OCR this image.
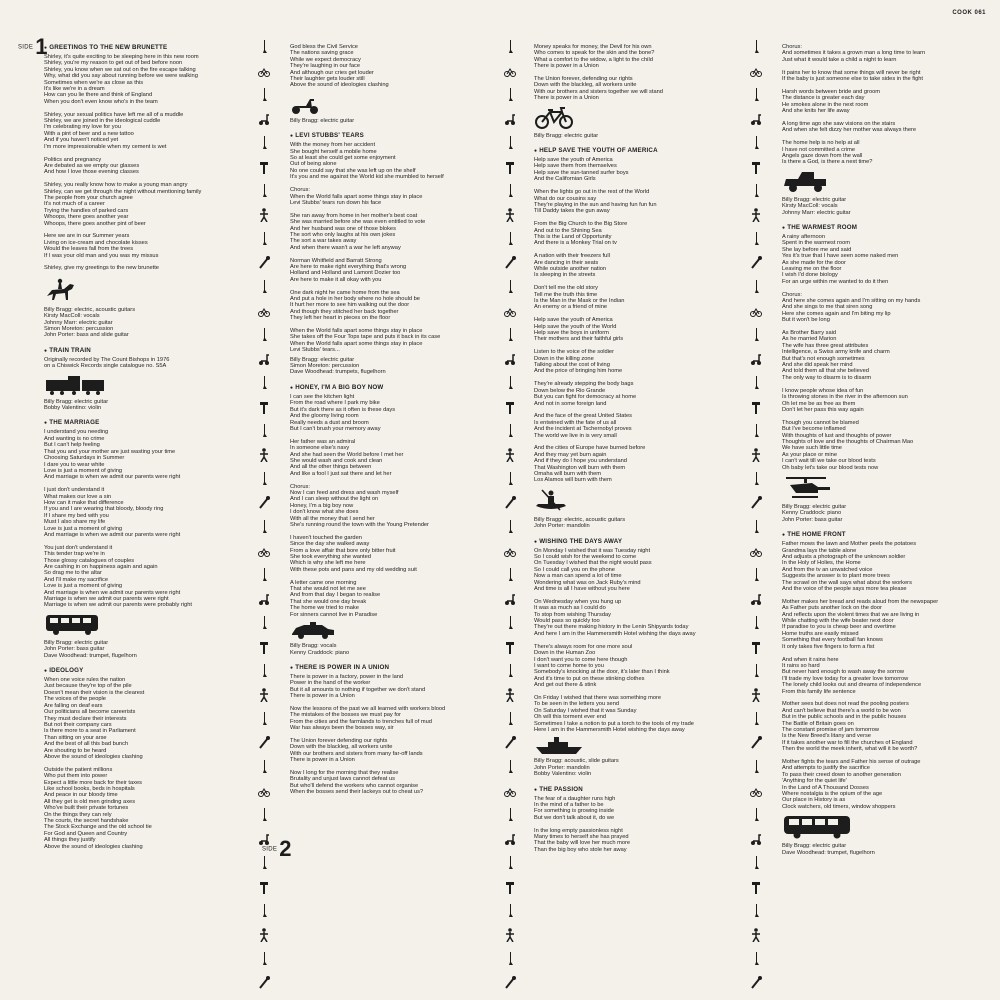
COOK 061
SIDE 1
SIDE 2
● GREETINGS TO THE NEW BRUNETTE
Shirley, it's quite exciting to be sleeping here in this new room
Shirley, you're my reason to get out of bed before noon
Shirley, you know when we sat out on the fire escape talking
Why, what did you say about running before we were walking
Sometimes when we're as close as this
It's like we're in a dream
How can you lie there and think of England
When you don't even know who's in the team

Shirley, your sexual politics have left me all of a muddle
Shirley, we are joined in the ideological cuddle
I'm celebrating my love for you
With a pint of beer and a new tattoo
And if you haven't noticed yet
I'm more impressionable when my cement is wet

Politics and pregnancy
Are debated as we empty our glasses
And how I love those evening classes

Shirley, you really know how to make a young man angry
Shirley, can we get through the night without mentioning family
The people from your church agree
It's not much of a career
Trying the handles of parked cars
Whoops, there goes another year
Whoops, there goes another pint of beer

Here we are in our Summer years
Living on ice-cream and chocolate kisses
Would the leaves fall from the trees
If I was your old man and you was my missus

Shirley, give my greetings to the new brunette
Billy Bragg: electric, acoustic guitars
Kirsty MacColl: vocals
Johnny Marr: electric guitar
Simon Moreton: percussion
John Porter: bass and slide guitar
● TRAIN TRAIN
Originally recorded by The Count Bishops in 1976
on a Chiswick Records single catalogue no. S5A
Billy Bragg: electric guitar
Bobby Valentino: violin
● THE MARRIAGE
I understand you needing
And wanting is no crime
But I can't help feeling
That you and your mother are just wasting your time
Choosing Saturdays in Summer
I dare you to wear white
Love is just a moment of giving
And marriage is when we admit our parents were right

I just don't understand it
What makes our love a sin
How can it make that difference
If you and I are wearing that bloody, bloody ring
If I share my bed with you
Must I also share my life
Love is just a moment of giving
And marriage is when we admit our parents were right

You just don't understand it
This tender trap we're in
Those glossy catalogues of couples
Are cashing in on happiness again and again
So drag me to the altar
And I'll make my sacrifice
Love is just a moment of giving
And marriage is when we admit our parents were right
Marriage is when we admit our parents were right
Marriage is when we admit our parents were probably right
Billy Bragg: electric guitar
John Porter: bass guitar
Dave Woodhead: trumpet, flugelhorn
● IDEOLOGY
When one voice rules the nation
Just because they're top of the pile
Doesn't mean their vision is the clearest
The voices of the people
Are falling on deaf ears
Our politicians all become careerists
They must declare their interests
But not their company cars
Is there more to a seat in Parliament
Than sitting on your arse
And the best of all this bad bunch
Are shouting to be heard
Above the sound of ideologies clashing

Outside the patient millions
Who put them into power
Expect a little more back for their taxes
Like school books, beds in hospitals
And peace in our bloody time
All they get is old men grinding axes
Who've built their private fortunes
On the things they can rely
The courts, the secret handshake
The Stock Exchange and the old school tie
For God and Queen and Country
All things they justify
Above the sound of ideologies clashing
God bless the Civil Service
The nations saving grace
While we expect democracy
They're laughing in our face
And although our cries get louder
Their laughter gets louder still
Above the sound of ideologies clashing
Billy Bragg: electric guitar
● LEVI STUBBS' TEARS
With the money from her accident
She bought herself a mobile home
So at least she could get some enjoyment
Out of being alone
No one could say that she was left up on the shelf
It's you and me against the World kid she mumbled to herself

Chorus:
When the World falls apart some things stay in place
Levi Stubbs' tears run down his face

She ran away from home in her mother's best coat
She was married before she was even entitled to vote
And her husband was one of those blokes
The sort who only laughs at his own jokes
The sort a war takes away
And when there wasn't a war he left anyway

Norman Whitfield and Barratt Strong
Are here to make right everything that's wrong
Holland and Holland and Lamont Dozier too
Are here to make it all okay with you

One dark night he came home from the sea
And put a hole in her body where no hole should be
It hurt her more to see him walking out the door
And though they stitched her back together
They left her heart in pieces on the floor

When the World falls apart some things stay in place
She takes off the Four Tops tape and puts it back in its case
When the World falls apart some things stay in place
Levi Stubbs' tears...
Billy Bragg: electric guitar
Simon Moreton: percussion
Dave Woodhead: trumpets, flugelhorn
● HONEY, I'M A BIG BOY NOW
I can see the kitchen light
From the road where I park my bike
But it's dark there as it often is these days
And the gloomy living room
Really needs a dust and broom
But I can't brush your memory away

Her father was an admiral
In someone else's navy
And she had seen the World before I met her
She would wash and cook and clean
And all the other things between
And like a fool I just sat there and let her

Chorus:
Now I can feed and dress and wash myself
And I can sleep without the light on
Honey, I'm a big boy now
I don't know what she does
With all the money that I send her
She's running round the town with the Young Pretender

I haven't touched the garden
Since the day she walked away
From a love affair that bore only bitter fruit
She took everything she wanted
Which is why she left me here
With these pots and pans and my old wedding suit

A letter came one morning
That she would not let me see
And from that day I began to realise
That she would one day break
The home we tried to make
For sinners cannot live in Paradise
Billy Bragg: vocals
Kenny Craddock: piano
● THERE IS POWER IN A UNION
There is power in a factory, power in the land
Power in the hand of the worker
But it all amounts to nothing if together we don't stand
There is power in a Union

Now the lessons of the past we all learned with workers blood
The mistakes of the bosses we must pay for
From the cities and the farmlands to trenches full of mud
War has always been the bosses way, sir

The Union forever defending our rights
Down with the blackleg, all workers unite
With our brothers and sisters from many far-off lands
There is power in a Union

Now I long for the morning that they realise
Brutality and unjust laws cannot defeat us
But who'll defend the workers who cannot organise
When the bosses send their lackeys out to cheat us?
Money speaks for money, the Devil for his own
Who comes to speak for the skin and the bone?
What a comfort to the widow, a light to the child
There is power in a Union

The Union forever, defending our rights
Down with the blackleg, all workers unite
With our brothers and sisters together we will stand
There is power in a Union
Billy Bragg: electric guitar
● HELP SAVE THE YOUTH OF AMERICA
Help save the youth of America
Help save them from themselves
Help save the sun-tanned surfer boys
And the Californian Girls

When the lights go out in the rest of the World
What do our cousins say
They're playing in the sun and having fun fun fun
Till Daddy takes the gun away

From the Big Church to the Big Store
And out to the Shining Sea
This is the Land of Opportunity
And there is a Monkey Trial on tv

A nation with their freezers full
Are dancing in their seats
While outside another nation
Is sleeping in the streets

Don't tell me the old story
Tell me the truth this time
Is the Man in the Mask or the Indian
An enemy or a friend of mine

Help save the youth of America
Help save the youth of the World
Help save the boys in uniform
Their mothers and their faithful girls

Listen to the voice of the soldier
Down in the killing zone
Talking about the cost of living
And the price of bringing him home

They're already stepping the body bags
Down below the Rio Grande
But you can fight for democracy at home
And not in some foreign land

And the face of the great United States
Is entwined with the fate of us all
And the incident at Tschernobyl proves
The world we live in is very small

And the cities of Europe have burned before
And they may yet burn again
And if they do I hope you understand
That Washington will burn with them
Omaha will burn with them
Los Alamos will burn with them
Billy Bragg: electric, acoustic guitars
John Porter: mandolin
● WISHING THE DAYS AWAY
On Monday I wished that it was Tuesday night
So I could wish for the weekend to come
On Tuesday I wished that the night would pass
So I could call you on the phone
Now a man can spend a lot of time
Wondering what was on Jack Ruby's mind
And time is all I have without you here

On Wednesday when you hung up
It was as much as I could do
To stop from wishing Thursday
Would pass so quickly too
They're out there making history in the Lenin Shipyards today
And here I am in the Hammersmith Hotel wishing the days away

There's always room for one more soul
Down in the Human Zoo
I don't want you to come here though
I want to come home to you
Somebody's knocking at the door, it's later than I think
And it's time to put on these stinking clothes
And get out there & stink

On Friday I wished that there was something more
To be seen in the letters you send
On Saturday I wished that it was Sunday
Oh will this torment ever end
Sometimes I take a notion to put a torch to the tools of my trade
Here I am in the Hammersmith Hotel wishing the days away
Billy Bragg: acoustic, slide guitars
John Porter: mandolin
Bobby Valentino: violin
● THE PASSION
The fear of a daughter runs high
In the mind of a father to be
For something is growing inside
But we don't talk about it, do we

In the long empty passionless night
Many times to herself she has prayed
That the baby will love her much more
Than the big boy who stole her away
Chorus:
And sometimes it takes a grown man a long time to learn
Just what it would take a child a night to learn

It pains her to know that some things will never be right
If the baby is just someone else to take sides in the fight

Harsh words between bride and groom
The distance is greater each day
He smokes alone in the next room
And she knits her life away

A long time ago she saw visions on the stairs
And when she felt dizzy her mother was always there

The home help is no help at all
I have not committed a crime
Angels gaze down from the wall
Is there a God, is there a next time?
Billy Bragg: electric guitar
Kirsty MacColl: vocals
Johnny Marr: electric guitar
● THE WARMEST ROOM
A rainy afternoon
Spent in the warmest room
She lay before me and said
Yes it's true that I have seen some naked men
As she made for the door
Leaving me on the floor
I wish I'd done biology
For an urge within me wanted to do it then

Chorus:
And here she comes again and I'm sitting on my hands
And she sings to me that siren song
Here she comes again and I'm biting my lip
But it won't be long

As Brother Barry said
As he married Marion
The wife has three great attributes
Intelligence, a Swiss army knife and charm
But that's not enough sometimes
And she did speak her mind
And told them all that she believed
The only way to disarm is to disarm

I know people whose idea of fun
Is throwing stones in the river in the afternoon sun
Oh let me be as free as them
Don't let her pass this way again

Though you cannot be blamed
But I've become inflamed
With thoughts of lust and thoughts of power
Thoughts of love and the thoughts of Chairman Mao
We have such little time
As your place or mine
I can't wait till we take our blood tests
Oh baby let's take our blood tests now
Billy Bragg: electric guitar
Kenny Craddock: piano
John Porter: bass guitar
● THE HOME FRONT
Father mows the lawn and Mother peels the potatoes
Grandma lays the table alone
And adjusts a photograph of the unknown soldier
In the Holy of Holies, the Home
And from the tv an unwatched voice
Suggests the answer is to plant more trees
The scrawl on the wall says what about the workers
And the voice of the people says more tea please

Mother makes her bread and reads aloud from the newspaper
As Father puts another lock on the door
And reflects upon the violent times that we are living in
While chatting with the wife beater next door
If paradise to you is cheap beer and overtime
Home truths are easily missed
Something that every football fan knows
It only takes five fingers to form a fist

And when it rains here
It rains so hard
But never hard enough to wash away the sorrow
I'll trade my love today for a greater love tomorrow
The lonely child looks out and dreams of independence
From this family life sentence

Mother sees but does not read the pooling posters
And can't believe that there's a world to be won
But in the public schools and in the public houses
The Battle of Britain goes on
The constant promise of jam tomorrow
Is the New Breed's litany and verse
If it takes another war to fill the churches of England
Then the world the meek inherit, what will it be worth?

Mother fights the tears and Father his sense of outrage
And attempts to justify the sacrifice
To pass their creed down to another generation
'Anything for the quiet life'
In the Land of A Thousand Dosses
Where nostalgia is the opium of the age
Our place in History is as
Clock watchers, old timers, window shoppers
Billy Bragg: electric guitar
Dave Woodhead: trumpet, flugelhorn
